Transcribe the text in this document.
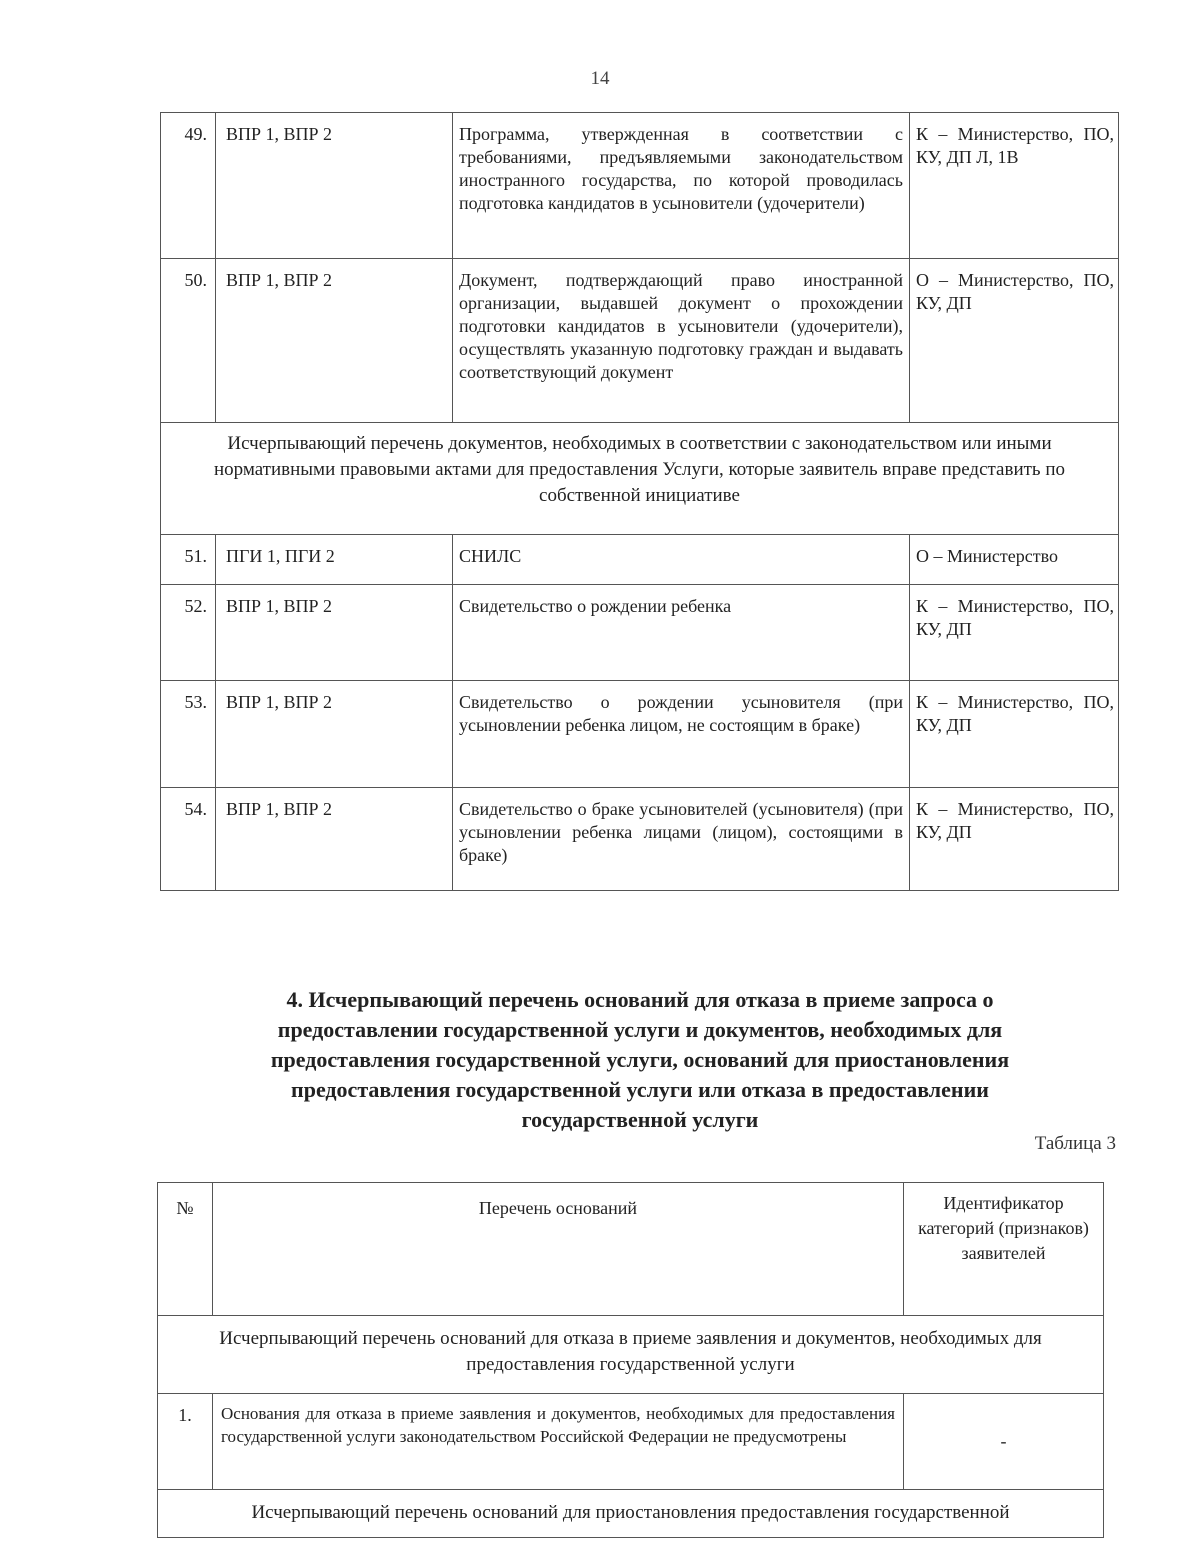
14
49.	ВПР 1, ВПР 2	Программа, утвержденная в соответствии с требованиями, предъявляемыми законодательством иностранного государства, по которой проводилась подготовка кандидатов в усыновители (удочерители)	К – Министерство, ПО, КУ, ДП Л, 1В
50.	ВПР 1, ВПР 2	Документ, подтверждающий право иностранной организации, выдавшей документ о прохождении подготовки кандидатов в усыновители (удочерители), осуществлять указанную подготовку граждан и выдавать соответствующий документ	О – Министерство, ПО, КУ, ДП
Исчерпывающий перечень документов, необходимых в соответствии с законодательством или иными нормативными правовыми актами для предоставления Услуги, которые заявитель вправе представить по собственной инициативе			
51.	ПГИ 1, ПГИ 2	СНИЛС	О – Министерство
52.	ВПР 1, ВПР 2	Свидетельство о рождении ребенка	К – Министерство, ПО, КУ, ДП
53.	ВПР 1, ВПР 2	Свидетельство о рождении усыновителя (при усыновлении ребенка лицом, не состоящим в браке)	К – Министерство, ПО, КУ, ДП
54.	ВПР 1, ВПР 2	Свидетельство о браке усыновителей (усыновителя) (при усыновлении ребенка лицами (лицом), состоящими в браке)	К – Министерство, ПО, КУ, ДП
4. Исчерпывающий перечень оснований для отказа в приеме запроса о
предоставлении государственной услуги и документов, необходимых для
предоставления государственной услуги, оснований для приостановления
предоставления государственной услуги или отказа в предоставлении
государственной услуги
Таблица 3
№	Перечень оснований	Идентификатор категорий (признаков) заявителей
Исчерпывающий перечень оснований для отказа в приеме заявления и документов, необходимых для предоставления государственной услуги		
1.	Основания для отказа в приеме заявления и документов, необходимых для предоставления государственной услуги законодательством Российской Федерации не предусмотрены	-
Исчерпывающий перечень оснований для приостановления предоставления государственной		
